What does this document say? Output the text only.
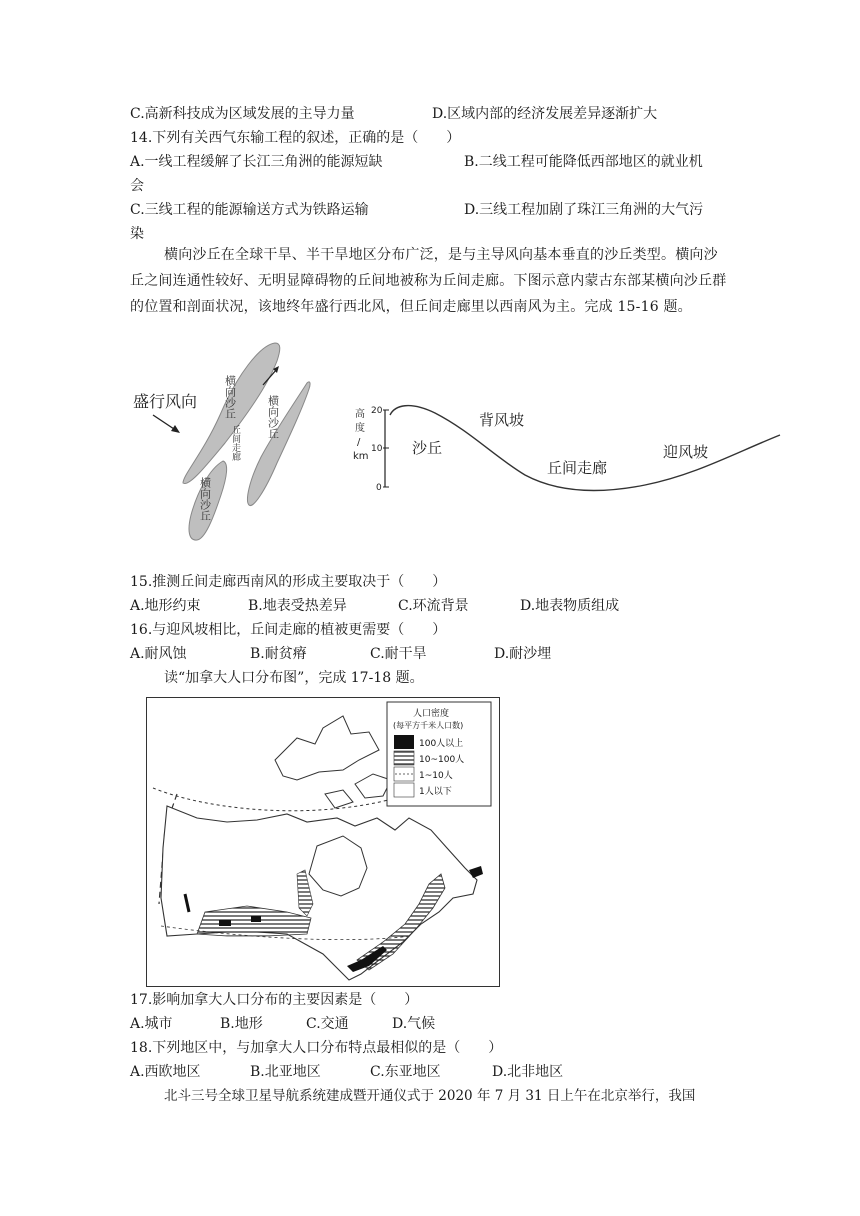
C.高新科技成为区域发展的主导力量	D.区域内部的经济发展差异逐渐扩大
14.下列有关西气东输工程的叙述，正确的是（　　）
A.一线工程缓解了长江三角洲的能源短缺	B.二线工程可能降低西部地区的就业机
会
C.三线工程的能源输送方式为铁路运输	D.三线工程加剧了珠江三角洲的大气污
染
横向沙丘在全球干旱、半干旱地区分布广泛，是与主导风向基本垂直的沙丘类型。横向沙丘之间连通性较好、无明显障碍物的丘间地被称为丘间走廊。下图示意内蒙古东部某横向沙丘群的位置和剖面状况，该地终年盛行西北风，但丘间走廊里以西南风为主。完成 15-16 题。
盛行风向 横向沙丘	横向沙丘
横向沙丘
丘间走廊
高
度
/
km
20
10
0
沙丘
背风坡
丘间走廊
迎风坡
15.推测丘间走廊西南风的形成主要取决于（　　）
A.地形约束	B.地表受热差异	C.环流背景	D.地表物质组成
16.与迎风坡相比，丘间走廊的植被更需要（　　）
A.耐风蚀	B.耐贫瘠	C.耐干旱	D.耐沙埋
读“加拿大人口分布图”，完成 17-18 题。
人口密度
(每平方千米人口数)
100人以上
10~100人
1~10人
1人以下
17.影响加拿大人口分布的主要因素是（　　）
A.城市	B.地形	C.交通	D.气候
18.下列地区中，与加拿大人口分布特点最相似的是（　　）
A.西欧地区	B.北亚地区	C.东亚地区	D.北非地区
北斗三号全球卫星导航系统建成暨开通仪式于 2020 年 7 月 31 日上午在北京举行，我国
